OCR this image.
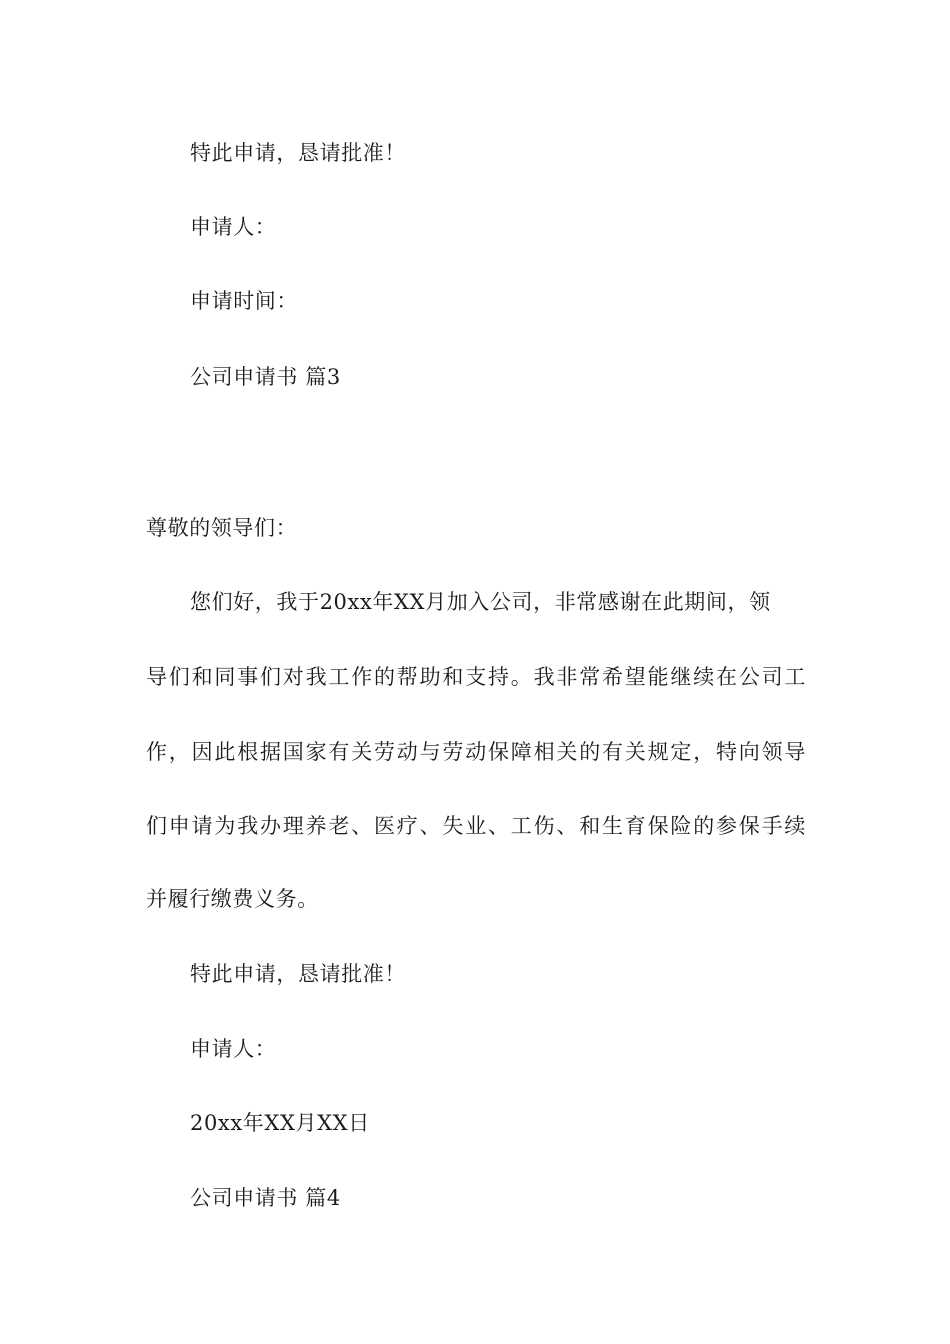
特此申请，恳请批准！
申请人：
申请时间：
公司申请书 篇3
尊敬的领导们：
您们好，我于20xx年XX月加入公司，非常感谢在此期间，领
导们和同事们对我工作的帮助和支持。我非常希望能继续在公司工
作，因此根据国家有关劳动与劳动保障相关的有关规定，特向领导
们申请为我办理养老、医疗、失业、工伤、和生育保险的参保手续
并履行缴费义务。
特此申请，恳请批准！
申请人：
20xx年XX月XX日
公司申请书 篇4
